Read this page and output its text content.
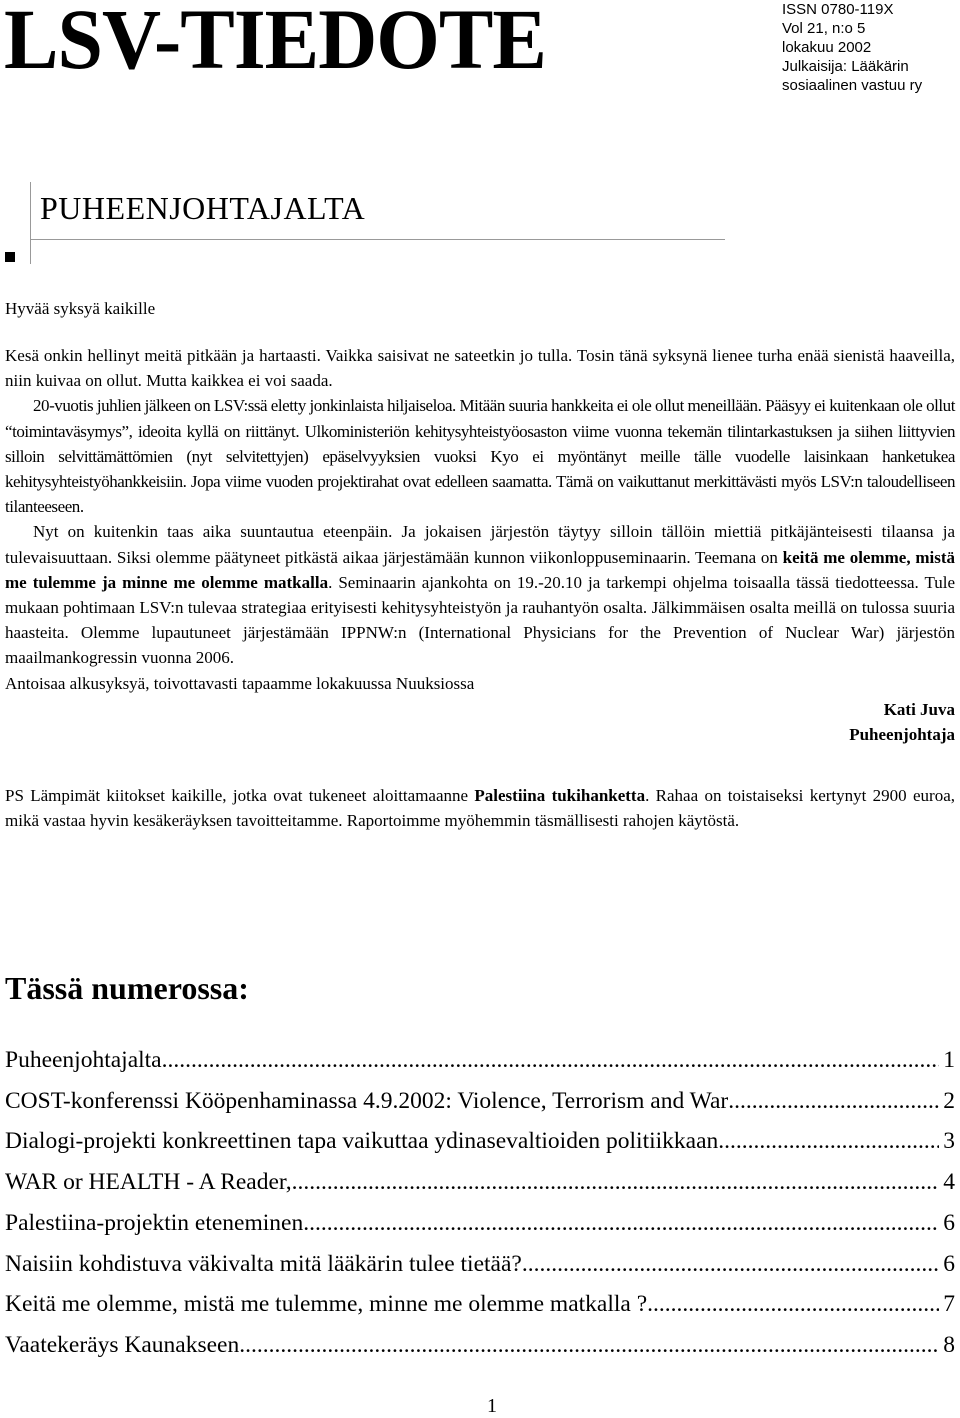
LSV-TIEDOTE	ISSN 0780-119X
Vol 21, n:o 5
lokakuu 2002
Julkaisija: Lääkärin
sosiaalinen vastuu ry
PUHEENJOHTAJALTA

Hyvää syksyä kaikille

Kesä onkin hellinyt meitä pitkään ja hartaasti. Vaikka saisivat ne sateetkin jo tulla. Tosin tänä syksynä lienee turha enää sienistä haaveilla, niin kuivaa on ollut. Mutta kaikkea ei voi saada.

20-vuotis juhlien jälkeen on LSV:ssä eletty jonkinlaista hiljaiseloa. Mitään suuria hankkeita ei ole ollut meneillään. Pääsyy ei kuitenkaan ole ollut “toimintaväsymys”, ideoita kyllä on riittänyt. Ulkoministeriön kehitysyhteistyöosaston viime vuonna tekemän tilintarkastuksen ja siihen liittyvien silloin selvittämättömien (nyt selvitettyjen) epäselvyyksien vuoksi Kyo ei myöntänyt meille tälle vuodelle laisinkaan hanketukea kehitysyhteistyöhankkeisiin. Jopa viime vuoden projektirahat ovat edelleen saamatta. Tämä on vaikuttanut merkittävästi myös LSV:n taloudelliseen tilanteeseen.

Nyt on kuitenkin taas aika suuntautua eteenpäin. Ja jokaisen järjestön täytyy silloin tällöin miettiä pitkäjänteisesti tilaansa ja tulevaisuuttaan. Siksi olemme päätyneet pitkästä aikaa järjestämään kunnon viikonloppuseminaarin. Teemana on keitä me olemme, mistä me tulemme ja minne me olemme matkalla. Seminaarin ajankohta on 19.-20.10 ja tarkempi ohjelma toisaalla tässä tiedotteessa. Tule mukaan pohtimaan LSV:n tulevaa strategiaa erityisesti kehitysyhteistyön ja rauhantyön osalta. Jälkimmäisen osalta meillä on tulossa suuria haasteita. Olemme lupautuneet järjestämään IPPNW:n (International Physicians for the Prevention of Nuclear War) järjestön maailmankogressin vuonna 2006.

Antoisaa alkusyksyä, toivottavasti tapaamme lokakuussa Nuuksiossa

Kati Juva

Puheenjohtaja

PS Lämpimät kiitokset kaikille, jotka ovat tukeneet aloittamaanne Palestiina tukihanketta. Rahaa on toistaiseksi kertynyt 2900 euroa, mikä vastaa hyvin kesäkeräyksen tavoitteitamme. Raportoimme myöhemmin täsmällisesti rahojen käytöstä.

Tässä numerossa:
Puheenjohtajalta .....	1
COST-konferenssi Kööpenhaminassa 4.9.2002: Violence, Terrorism and War .....	2
Dialogi-projekti konkreettinen tapa vaikuttaa ydinasevaltioiden politiikkaan .....	3
WAR or HEALTH - A Reader, .....	4
Palestiina-projektin eteneminen .....	6
Naisiin kohdistuva väkivalta mitä lääkärin tulee tietää? .....	6
Keitä me olemme, mistä me tulemme, minne me olemme matkalla ? .....	7
Vaatekeräys Kaunakseen .....	8

1
